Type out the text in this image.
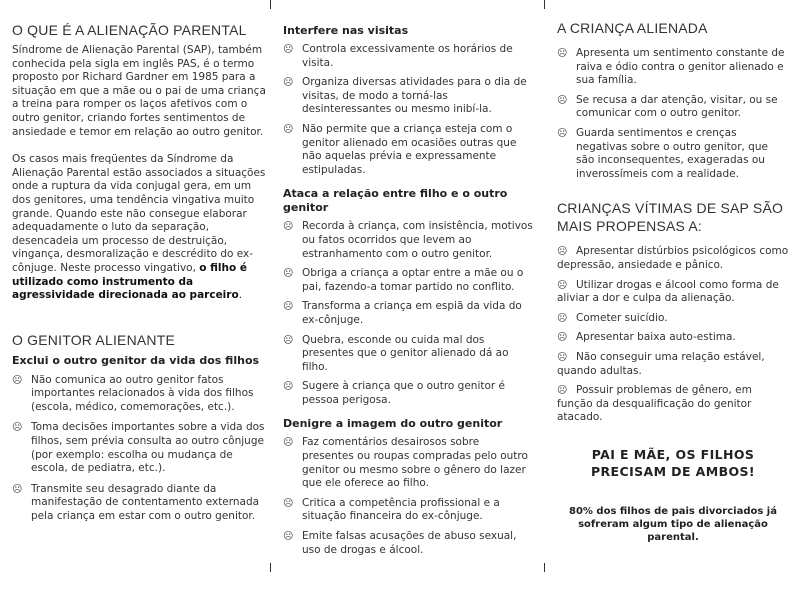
O QUE É A ALIENAÇÃO PARENTAL

Síndrome de Alienação Parental (SAP), também conhecida pela sigla em inglês PAS, é o termo proposto por Richard Gardner em 1985 para a situação em que a mãe ou o pai de uma criança a treina para romper os laços afetivos com o outro genitor, criando fortes sentimentos de ansiedade e temor em relação ao outro genitor.

Os casos mais freqüentes da Síndrome da Alienação Parental estão associados a situações onde a ruptura da vida conjugal gera, em um dos genitores, uma tendência vingativa muito grande. Quando este não consegue elaborar adequadamente o luto da separação, desencadeia um processo de destruição, vingança, desmoralização e descrédito do ex-cônjuge. Neste processo vingativo, o filho é utilizado como instrumento da agressividade direcionada ao parceiro.

O GENITOR ALIENANTE
Exclui o outro genitor da vida dos filhos
☹ Não comunica ao outro genitor fatos importantes relacionados à vida dos filhos (escola, médico, comemorações, etc.).
☹ Toma decisões importantes sobre a vida dos filhos, sem prévia consulta ao outro cônjuge (por exemplo: escolha ou mudança de escola, de pediatra, etc.).
☹ Transmite seu desagrado diante da manifestação de contentamento externada pela criança em estar com o outro genitor.
Interfere nas visitas
☹ Controla excessivamente os horários de visita.
☹ Organiza diversas atividades para o dia de visitas, de modo a torná-las desinteressantes ou mesmo inibí-la.
☹ Não permite que a criança esteja com o genitor alienado em ocasiões outras que não aquelas prévia e expressamente estipuladas.
Ataca a relação entre filho e o outro genitor
☹ Recorda à criança, com insistência, motivos ou fatos ocorridos que levem ao estranhamento com o outro genitor.
☹ Obriga a criança a optar entre a mãe ou o pai, fazendo-a tomar partido no conflito.
☹ Transforma a criança em espiã da vida do ex-cônjuge.
☹ Quebra, esconde ou cuida mal dos presentes que o genitor alienado dá ao filho.
☹ Sugere à criança que o outro genitor é pessoa perigosa.
Denigre a imagem do outro genitor
☹ Faz comentários desairosos sobre presentes ou roupas compradas pelo outro genitor ou mesmo sobre o gênero do lazer que ele oferece ao filho.
☹ Critica a competência profissional e a situação financeira do ex-cônjuge.
☹ Emite falsas acusações de abuso sexual, uso de drogas e álcool.
A CRIANÇA ALIENADA
☹ Apresenta um sentimento constante de raiva e ódio contra o genitor alienado e sua família.
☹ Se recusa a dar atenção, visitar, ou se comunicar com o outro genitor.
☹ Guarda sentimentos e crenças negativas sobre o outro genitor, que são inconsequentes, exageradas ou inverossímeis com a realidade.
CRIANÇAS VÍTIMAS DE SAP SÃO MAIS PROPENSAS A:
☹ Apresentar distúrbios psicológicos como depressão, ansiedade e pânico.
☹ Utilizar drogas e álcool como forma de aliviar a dor e culpa da alienação.
☹ Cometer suicídio.
☹ Apresentar baixa auto-estima.
☹ Não conseguir uma relação estável, quando adultas.
☹ Possuir problemas de gênero, em função da desqualificação do genitor atacado.
PAI E MÃE, OS FILHOS PRECISAM DE AMBOS!
80% dos filhos de pais divorciados já sofreram algum tipo de alienação parental.
